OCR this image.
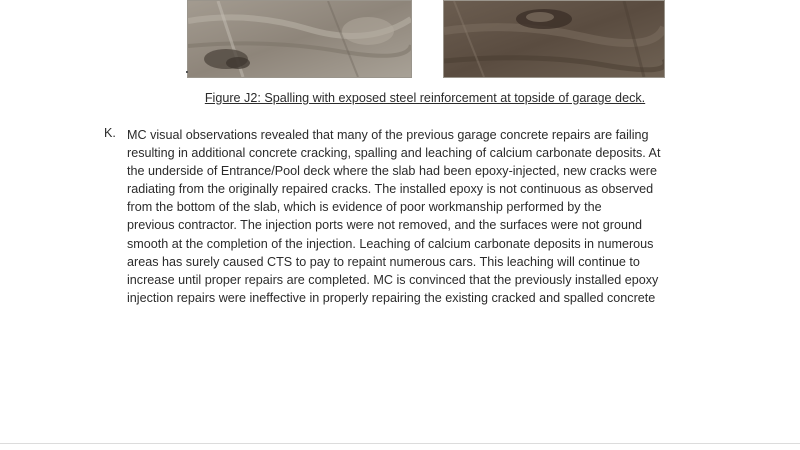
Figure J2: Spalling with exposed steel reinforcement at topside of garage deck.
K. MC visual observations revealed that many of the previous garage concrete repairs are failing
resulting in additional concrete cracking, spalling and leaching of calcium carbonate deposits. At
the underside of Entrance/Pool deck where the slab had been epoxy-injected, new cracks were
radiating from the originally repaired cracks. The installed epoxy is not continuous as observed
from the bottom of the slab, which is evidence of poor workmanship performed by the
previous contractor. The injection ports were not removed, and the surfaces were not ground
smooth at the completion of the injection. Leaching of calcium carbonate deposits in numerous
areas has surely caused CTS to pay to repaint numerous cars. This leaching will continue to
increase until proper repairs are completed. MC is convinced that the previously installed epoxy
injection repairs were ineffective in properly repairing the existing cracked and spalled concrete
